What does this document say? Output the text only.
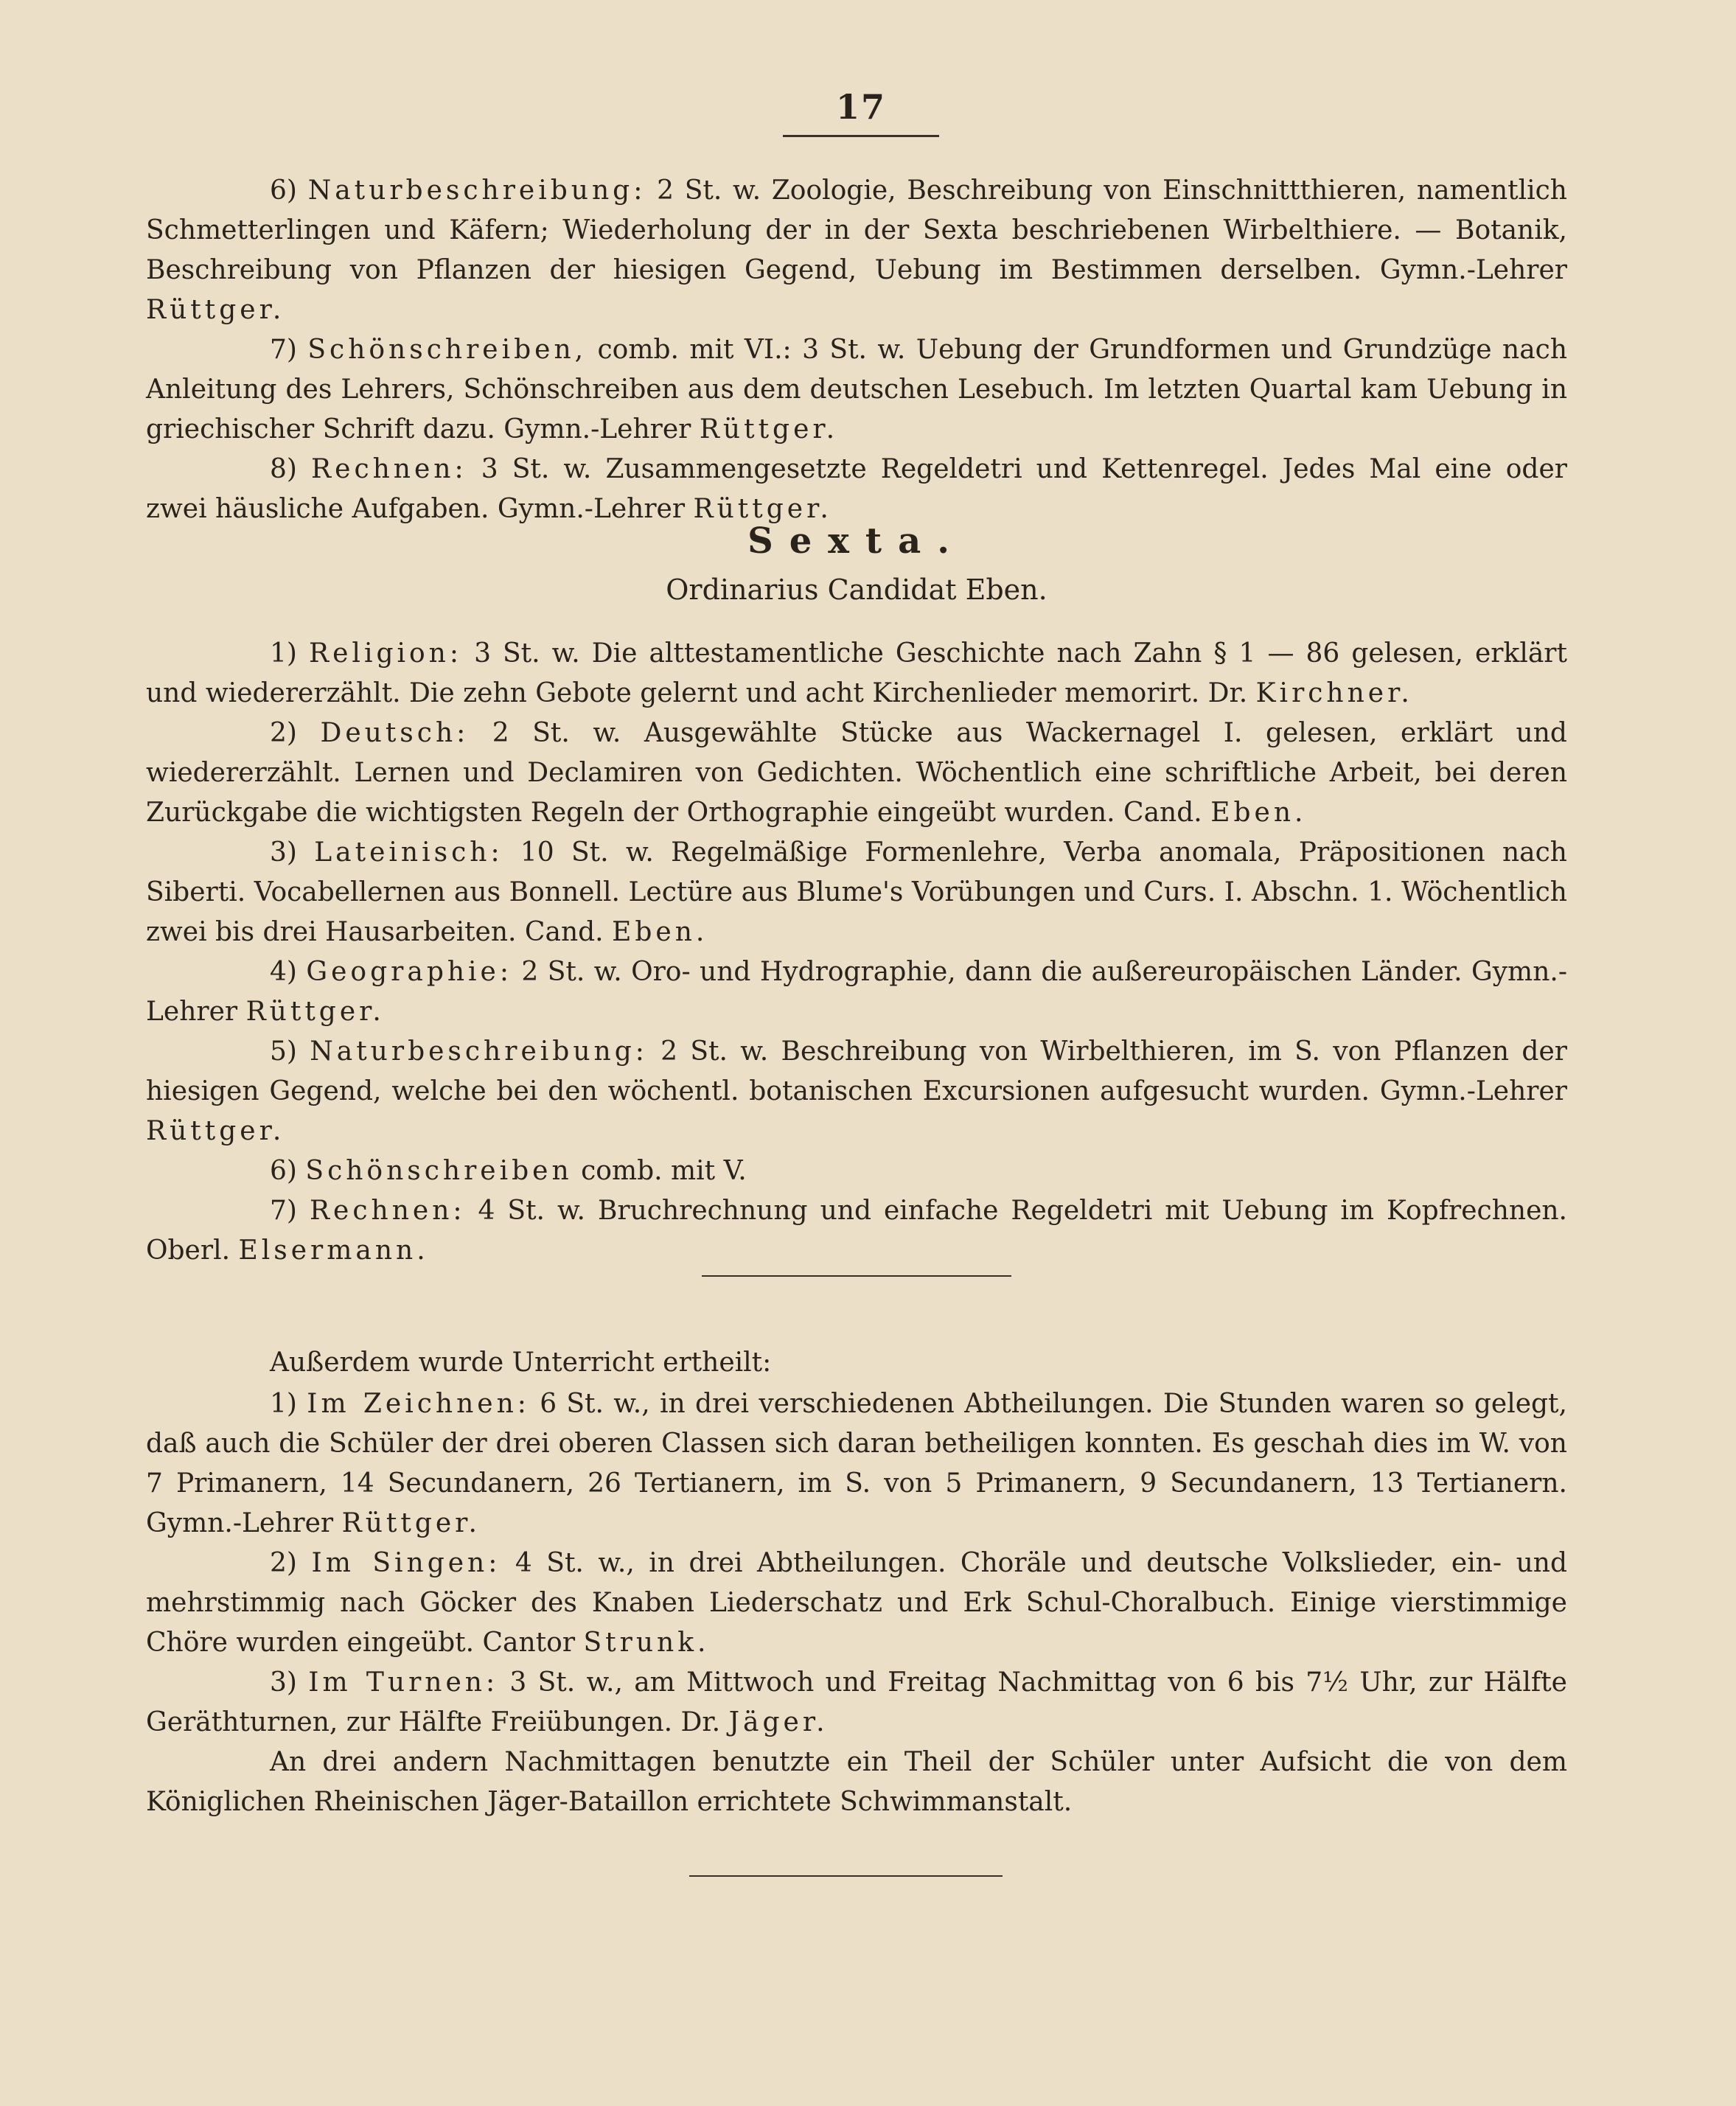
17

6) Naturbeschreibung: 2 St. w. Zoologie, Beschreibung von Einschnittthieren, namentlich Schmetterlingen und Käfern; Wiederholung der in der Sexta beschriebenen Wirbelthiere. — Botanik, Beschreibung von Pflanzen der hiesigen Gegend, Uebung im Bestimmen derselben. Gymn.-Lehrer Rüttger.

7) Schönschreiben, comb. mit VI.: 3 St. w. Uebung der Grundformen und Grundzüge nach Anleitung des Lehrers, Schönschreiben aus dem deutschen Lesebuch. Im letzten Quartal kam Uebung in griechischer Schrift dazu. Gymn.-Lehrer Rüttger.

8) Rechnen: 3 St. w. Zusammengesetzte Regeldetri und Kettenregel. Jedes Mal eine oder zwei häusliche Aufgaben. Gymn.-Lehrer Rüttger.

Sexta.

Ordinarius Candidat Eben.

1) Religion: 3 St. w. Die alttestamentliche Geschichte nach Zahn § 1 — 86 gelesen, erklärt und wiedererzählt. Die zehn Gebote gelernt und acht Kirchenlieder memorirt. Dr. Kirchner.

2) Deutsch: 2 St. w. Ausgewählte Stücke aus Wackernagel I. gelesen, erklärt und wiedererzählt. Lernen und Declamiren von Gedichten. Wöchentlich eine schriftliche Arbeit, bei deren Zurückgabe die wichtigsten Regeln der Orthographie eingeübt wurden. Cand. Eben.

3) Lateinisch: 10 St. w. Regelmäßige Formenlehre, Verba anomala, Präpositionen nach Siberti. Vocabellernen aus Bonnell. Lectüre aus Blume's Vorübungen und Curs. I. Abschn. 1. Wöchentlich zwei bis drei Hausarbeiten. Cand. Eben.

4) Geographie: 2 St. w. Oro- und Hydrographie, dann die außereuropäischen Länder. Gymn.-Lehrer Rüttger.

5) Naturbeschreibung: 2 St. w. Beschreibung von Wirbelthieren, im S. von Pflanzen der hiesigen Gegend, welche bei den wöchentl. botanischen Excursionen aufgesucht wurden. Gymn.-Lehrer Rüttger.

6) Schönschreiben comb. mit V.

7) Rechnen: 4 St. w. Bruchrechnung und einfache Regeldetri mit Uebung im Kopfrechnen. Oberl. Elsermann.

Außerdem wurde Unterricht ertheilt:

1) Im Zeichnen: 6 St. w., in drei verschiedenen Abtheilungen. Die Stunden waren so gelegt, daß auch die Schüler der drei oberen Classen sich daran betheiligen konnten. Es geschah dies im W. von 7 Primanern, 14 Secundanern, 26 Tertianern, im S. von 5 Primanern, 9 Secundanern, 13 Tertianern. Gymn.-Lehrer Rüttger.

2) Im Singen: 4 St. w., in drei Abtheilungen. Choräle und deutsche Volkslieder, ein- und mehrstimmig nach Göcker des Knaben Liederschatz und Erk Schul-Choralbuch. Einige vierstimmige Chöre wurden eingeübt. Cantor Strunk.

3) Im Turnen: 3 St. w., am Mittwoch und Freitag Nachmittag von 6 bis 7½ Uhr, zur Hälfte Geräthturnen, zur Hälfte Freiübungen. Dr. Jäger.

An drei andern Nachmittagen benutzte ein Theil der Schüler unter Aufsicht die von dem Königlichen Rheinischen Jäger-Bataillon errichtete Schwimmanstalt.
